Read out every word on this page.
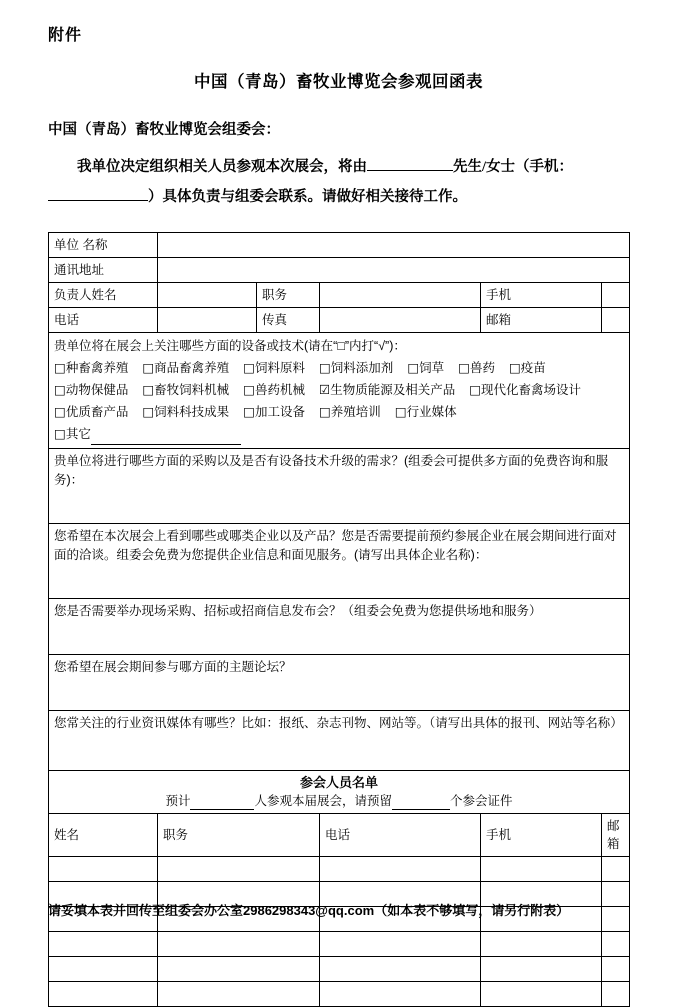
附件
中国（青岛）畜牧业博览会参观回函表
中国（青岛）畜牧业博览会组委会：
我单位决定组织相关人员参观本次展会，将由	先生/女士（手机：）具体负责与组委会联系。请做好相关接待工作。
单位 名称					
通讯地址					
负责人姓名		职务		手机	
电话		传真		邮箱	

贵单位将在展会上关注哪些方面的设备或技术(请在“□”内打“√”)：
□种畜禽养殖 □商品畜禽养殖 □饲料原料 □饲料添加剂 □饲草 □兽药 □疫苗□动物保健品 □畜牧饲料机械 □兽药机械 ☑生物质能源及相关产品 □现代化畜禽场设计□优质畜产品 □饲料科技成果 □加工设备 □养殖培训 □行业媒体
□其它					

贵单位将进行哪些方面的采购以及是否有设备技术升级的需求？(组委会可提供多方面的免费咨询和服务)：					

您希望在本次展会上看到哪些或哪类企业以及产品？您是否需要提前预约参展企业在展会期间进行面对面的洽谈。组委会免费为您提供企业信息和面见服务。(请写出具体企业名称)：					

您是否需要举办现场采购、招标或招商信息发布会？（组委会免费为您提供场地和服务）					

您希望在展会期间参与哪方面的主题论坛？					

您常关注的行业资讯媒体有哪些？比如：报纸、杂志刊物、网站等。（请写出具体的报刊、网站等名称）					

参会人员名单					

预计 人参观本届展会，请预留 个参会证件					

姓名	职务		电话	手机	邮箱

请妥填本表并回传至组委会办公室2986298343@qq.com（如本表不够填写，请另行附表）
